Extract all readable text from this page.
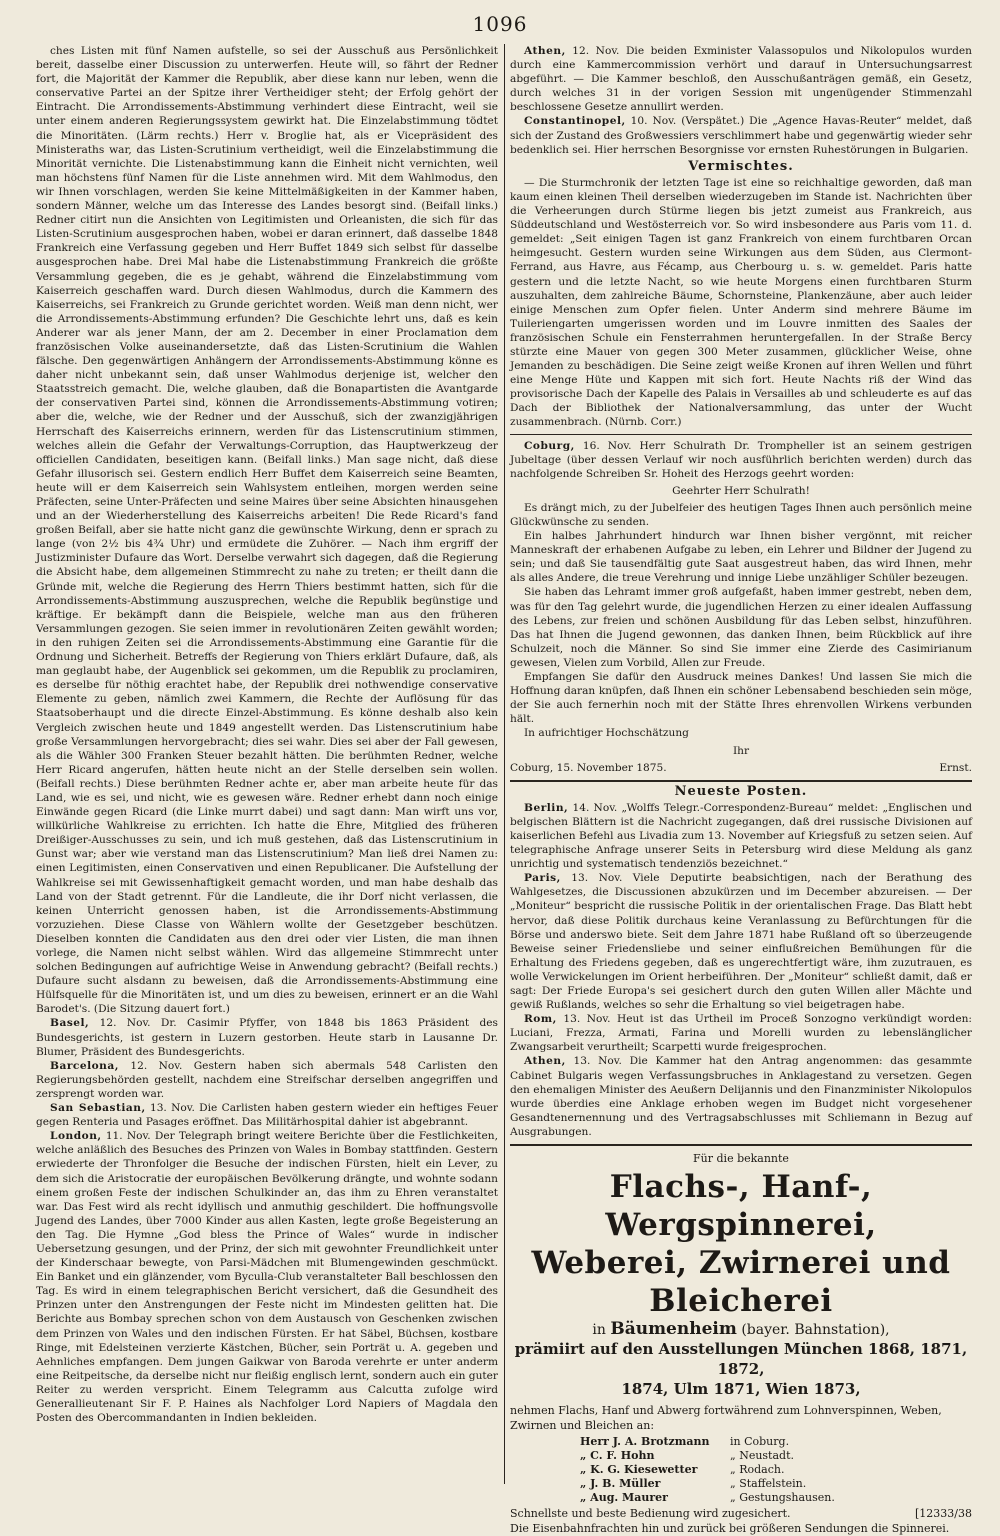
1096

ches Listen mit fünf Namen aufstelle, so sei der Ausschuß aus Persönlichkeit bereit, dasselbe einer Discussion zu unterwerfen. Heute will, so fährt der Redner fort, die Majorität der Kammer die Republik, aber diese kann nur leben, wenn die conservative Partei an der Spitze ihrer Vertheidiger steht; der Erfolg gehört der Eintracht. Die Arrondissements-Abstimmung verhindert diese Eintracht, weil sie unter einem anderen Regierungssystem gewirkt hat. Die Einzelabstimmung tödtet die Minoritäten. (Lärm rechts.) Herr v. Broglie hat, als er Vicepräsident des Ministeraths war, das Listen-Scrutinium vertheidigt, weil die Einzelabstimmung die Minorität vernichte. Die Listenabstimmung kann die Einheit nicht vernichten, weil man höchstens fünf Namen für die Liste annehmen wird. Mit dem Wahlmodus, den wir Ihnen vorschlagen, werden Sie keine Mittelmäßigkeiten in der Kammer haben, sondern Männer, welche um das Interesse des Landes besorgt sind. (Beifall links.) Redner citirt nun die Ansichten von Legitimisten und Orleanisten, die sich für das Listen-Scrutinium ausgesprochen haben, wobei er daran erinnert, daß dasselbe 1848 Frankreich eine Verfassung gegeben und Herr Buffet 1849 sich selbst für dasselbe ausgesprochen habe. Drei Mal habe die Listenabstimmung Frankreich die größte Versammlung gegeben, die es je gehabt, während die Einzelabstimmung vom Kaiserreich geschaffen ward. Durch diesen Wahlmodus, durch die Kammern des Kaiserreichs, sei Frankreich zu Grunde gerichtet worden. Weiß man denn nicht, wer die Arrondissements-Abstimmung erfunden? Die Geschichte lehrt uns, daß es kein Anderer war als jener Mann, der am 2. December in einer Proclamation dem französischen Volke auseinandersetzte, daß das Listen-Scrutinium die Wahlen fälsche. Den gegenwärtigen Anhängern der Arrondissements-Abstimmung könne es daher nicht unbekannt sein, daß unser Wahlmodus derjenige ist, welcher den Staatsstreich gemacht. Die, welche glauben, daß die Bonapartisten die Avantgarde der conservativen Partei sind, können die Arrondissements-Abstimmung votiren; aber die, welche, wie der Redner und der Ausschuß, sich der zwanzigjährigen Herrschaft des Kaiserreichs erinnern, werden für das Listenscrutinium stimmen, welches allein die Gefahr der Verwaltungs-Corruption, das Hauptwerkzeug der officiellen Candidaten, beseitigen kann. (Beifall links.) Man sage nicht, daß diese Gefahr illusorisch sei. Gestern endlich Herr Buffet dem Kaiserreich seine Beamten, heute will er dem Kaiserreich sein Wahlsystem entleihen, morgen werden seine Präfecten, seine Unter-Präfecten und seine Maires über seine Absichten hinausgehen und an der Wiederherstellung des Kaiserreichs arbeiten! Die Rede Ricard's fand großen Beifall, aber sie hatte nicht ganz die gewünschte Wirkung, denn er sprach zu lange (von 2½ bis 4¾ Uhr) und ermüdete die Zuhörer. — Nach ihm ergriff der Justizminister Dufaure das Wort. Derselbe verwahrt sich dagegen, daß die Regierung die Absicht habe, dem allgemeinen Stimmrecht zu nahe zu treten; er theilt dann die Gründe mit, welche die Regierung des Herrn Thiers bestimmt hatten, sich für die Arrondissements-Abstimmung auszusprechen, welche die Republik begünstige und kräftige. Er bekämpft dann die Beispiele, welche man aus den früheren Versammlungen gezogen. Sie seien immer in revolutionären Zeiten gewählt worden; in den ruhigen Zeiten sei die Arrondissements-Abstimmung eine Garantie für die Ordnung und Sicherheit. Betreffs der Regierung von Thiers erklärt Dufaure, daß, als man geglaubt habe, der Augenblick sei gekommen, um die Republik zu proclamiren, es derselbe für nöthig erachtet habe, der Republik drei nothwendige conservative Elemente zu geben, nämlich zwei Kammern, die Rechte der Auflösung für das Staatsoberhaupt und die directe Einzel-Abstimmung. Es könne deshalb also kein Vergleich zwischen heute und 1849 angestellt werden. Das Listenscrutinium habe große Versammlungen hervorgebracht; dies sei wahr. Dies sei aber der Fall gewesen, als die Wähler 300 Franken Steuer bezahlt hätten. Die berühmten Redner, welche Herr Ricard angerufen, hätten heute nicht an der Stelle derselben sein wollen. (Beifall rechts.) Diese berühmten Redner achte er, aber man arbeite heute für das Land, wie es sei, und nicht, wie es gewesen wäre. Redner erhebt dann noch einige Einwände gegen Ricard (die Linke murrt dabei) und sagt dann: Man wirft uns vor, willkürliche Wahlkreise zu errichten. Ich hatte die Ehre, Mitglied des früheren Dreißiger-Ausschusses zu sein, und ich muß gestehen, daß das Listenscrutinium in Gunst war; aber wie verstand man das Listenscrutinium? Man ließ drei Namen zu: einen Legitimisten, einen Conservativen und einen Republicaner. Die Aufstellung der Wahlkreise sei mit Gewissenhaftigkeit gemacht worden, und man habe deshalb das Land von der Stadt getrennt. Für die Landleute, die ihr Dorf nicht verlassen, die keinen Unterricht genossen haben, ist die Arrondissements-Abstimmung vorzuziehen. Diese Classe von Wählern wollte der Gesetzgeber beschützen. Dieselben konnten die Candidaten aus den drei oder vier Listen, die man ihnen vorlege, die Namen nicht selbst wählen. Wird das allgemeine Stimmrecht unter solchen Bedingungen auf aufrichtige Weise in Anwendung gebracht? (Beifall rechts.) Dufaure sucht alsdann zu beweisen, daß die Arrondissements-Abstimmung eine Hülfsquelle für die Minoritäten ist, und um dies zu beweisen, erinnert er an die Wahl Barodet's. (Die Sitzung dauert fort.)

Basel, 12. Nov. Dr. Casimir Pfyffer, von 1848 bis 1863 Präsident des Bundesgerichts, ist gestern in Luzern gestorben. Heute starb in Lausanne Dr. Blumer, Präsident des Bundesgerichts.

Barcelona, 12. Nov. Gestern haben sich abermals 548 Carlisten den Regierungsbehörden gestellt, nachdem eine Streifschar derselben angegriffen und zersprengt worden war.

San Sebastian, 13. Nov. Die Carlisten haben gestern wieder ein heftiges Feuer gegen Renteria und Pasages eröffnet. Das Militärhospital dahier ist abgebrannt.

London, 11. Nov. Der Telegraph bringt weitere Berichte über die Festlichkeiten, welche anläßlich des Besuches des Prinzen von Wales in Bombay stattfinden. Gestern erwiederte der Thronfolger die Besuche der indischen Fürsten, hielt ein Lever, zu dem sich die Aristocratie der europäischen Bevölkerung drängte, und wohnte sodann einem großen Feste der indischen Schulkinder an, das ihm zu Ehren veranstaltet war. Das Fest wird als recht idyllisch und anmuthig geschildert. Die hoffnungsvolle Jugend des Landes, über 7000 Kinder aus allen Kasten, legte große Begeisterung an den Tag. Die Hymne „God bless the Prince of Wales“ wurde in indischer Uebersetzung gesungen, und der Prinz, der sich mit gewohnter Freundlichkeit unter der Kinderschaar bewegte, von Parsi-Mädchen mit Blumengewinden geschmückt. Ein Banket und ein glänzender, vom Byculla-Club veranstalteter Ball beschlossen den Tag. Es wird in einem telegraphischen Bericht versichert, daß die Gesundheit des Prinzen unter den Anstrengungen der Feste nicht im Mindesten gelitten hat. Die Berichte aus Bombay sprechen schon von dem Austausch von Geschenken zwischen dem Prinzen von Wales und den indischen Fürsten. Er hat Säbel, Büchsen, kostbare Ringe, mit Edelsteinen verzierte Kästchen, Bücher, sein Porträt u. A. gegeben und Aehnliches empfangen. Dem jungen Gaikwar von Baroda verehrte er unter anderm eine Reitpeitsche, da derselbe nicht nur fleißig englisch lernt, sondern auch ein guter Reiter zu werden verspricht. Einem Telegramm aus Calcutta zufolge wird Generallieutenant Sir F. P. Haines als Nachfolger Lord Napiers of Magdala den Posten des Obercommandanten in Indien bekleiden.

Athen, 12. Nov. Die beiden Exminister Valassopulos und Nikolopulos wurden durch eine Kammercommission verhört und darauf in Untersuchungsarrest abgeführt. — Die Kammer beschloß, den Ausschußanträgen gemäß, ein Gesetz, durch welches 31 in der vorigen Session mit ungenügender Stimmenzahl beschlossene Gesetze annullirt werden.

Constantinopel, 10. Nov. (Verspätet.) Die „Agence Havas-Reuter“ meldet, daß sich der Zustand des Großwessiers verschlimmert habe und gegenwärtig wieder sehr bedenklich sei. Hier herrschen Besorgnisse vor ernsten Ruhestörungen in Bulgarien.

Vermischtes.

— Die Sturmchronik der letzten Tage ist eine so reichhaltige geworden, daß man kaum einen kleinen Theil derselben wiederzugeben im Stande ist. Nachrichten über die Verheerungen durch Stürme liegen bis jetzt zumeist aus Frankreich, aus Süddeutschland und Westösterreich vor. So wird insbesondere aus Paris vom 11. d. gemeldet: „Seit einigen Tagen ist ganz Frankreich von einem furchtbaren Orcan heimgesucht. Gestern wurden seine Wirkungen aus dem Süden, aus Clermont-Ferrand, aus Havre, aus Fécamp, aus Cherbourg u. s. w. gemeldet. Paris hatte gestern und die letzte Nacht, so wie heute Morgens einen furchtbaren Sturm auszuhalten, dem zahlreiche Bäume, Schornsteine, Plankenzäune, aber auch leider einige Menschen zum Opfer fielen. Unter Anderm sind mehrere Bäume im Tuileriengarten umgerissen worden und im Louvre inmitten des Saales der französischen Schule ein Fensterrahmen heruntergefallen. In der Straße Bercy stürzte eine Mauer von gegen 300 Meter zusammen, glücklicher Weise, ohne Jemanden zu beschädigen. Die Seine zeigt weiße Kronen auf ihren Wellen und führt eine Menge Hüte und Kappen mit sich fort. Heute Nachts riß der Wind das provisorische Dach der Kapelle des Palais in Versailles ab und schleuderte es auf das Dach der Bibliothek der Nationalversammlung, das unter der Wucht zusammenbrach. (Nürnb. Corr.)

Coburg, 16. Nov. Herr Schulrath Dr. Trompheller ist an seinem gestrigen Jubeltage (über dessen Verlauf wir noch ausführlich berichten werden) durch das nachfolgende Schreiben Sr. Hoheit des Herzogs geehrt worden:

Geehrter Herr Schulrath!

Es drängt mich, zu der Jubelfeier des heutigen Tages Ihnen auch persönlich meine Glückwünsche zu senden.

Ein halbes Jahrhundert hindurch war Ihnen bisher vergönnt, mit reicher Manneskraft der erhabenen Aufgabe zu leben, ein Lehrer und Bildner der Jugend zu sein; und daß Sie tausendfältig gute Saat ausgestreut haben, das wird Ihnen, mehr als alles Andere, die treue Verehrung und innige Liebe unzähliger Schüler bezeugen.

Sie haben das Lehramt immer groß aufgefaßt, haben immer gestrebt, neben dem, was für den Tag gelehrt wurde, die jugendlichen Herzen zu einer idealen Auffassung des Lebens, zur freien und schönen Ausbildung für das Leben selbst, hinzuführen. Das hat Ihnen die Jugend gewonnen, das danken Ihnen, beim Rückblick auf ihre Schulzeit, noch die Männer. So sind Sie immer eine Zierde des Casimirianum gewesen, Vielen zum Vorbild, Allen zur Freude.

Empfangen Sie dafür den Ausdruck meines Dankes! Und lassen Sie mich die Hoffnung daran knüpfen, daß Ihnen ein schöner Lebensabend beschieden sein möge, der Sie auch fernerhin noch mit der Stätte Ihres ehrenvollen Wirkens verbunden hält.

In aufrichtiger Hochschätzung

Ihr

Coburg, 15. November 1875.	Ernst.
Neueste Posten.

Berlin, 14. Nov. „Wolffs Telegr.-Correspondenz-Bureau“ meldet: „Englischen und belgischen Blättern ist die Nachricht zugegangen, daß drei russische Divisionen auf kaiserlichen Befehl aus Livadia zum 13. November auf Kriegsfuß zu setzen seien. Auf telegraphische Anfrage unserer Seits in Petersburg wird diese Meldung als ganz unrichtig und systematisch tendenziös bezeichnet.“

Paris, 13. Nov. Viele Deputirte beabsichtigen, nach der Berathung des Wahlgesetzes, die Discussionen abzukürzen und im December abzureisen. — Der „Moniteur“ bespricht die russische Politik in der orientalischen Frage. Das Blatt hebt hervor, daß diese Politik durchaus keine Veranlassung zu Befürchtungen für die Börse und anderswo biete. Seit dem Jahre 1871 habe Rußland oft so überzeugende Beweise seiner Friedensliebe und seiner einflußreichen Bemühungen für die Erhaltung des Friedens gegeben, daß es ungerechtfertigt wäre, ihm zuzutrauen, es wolle Verwickelungen im Orient herbeiführen. Der „Moniteur“ schließt damit, daß er sagt: Der Friede Europa's sei gesichert durch den guten Willen aller Mächte und gewiß Rußlands, welches so sehr die Erhaltung so viel beigetragen habe.

Rom, 13. Nov. Heut ist das Urtheil im Proceß Sonzogno verkündigt worden: Luciani, Frezza, Armati, Farina und Morelli wurden zu lebenslänglicher Zwangsarbeit verurtheilt; Scarpetti wurde freigesprochen.

Athen, 13. Nov. Die Kammer hat den Antrag angenommen: das gesammte Cabinet Bulgaris wegen Verfassungsbruches in Anklagestand zu versetzen. Gegen den ehemaligen Minister des Aeußern Delijannis und den Finanzminister Nikolopulos wurde überdies eine Anklage erhoben wegen im Budget nicht vorgesehener Gesandtenernennung und des Vertragsabschlusses mit Schliemann in Bezug auf Ausgrabungen.

Für die bekannte
Flachs-, Hanf-, Wergspinnerei,
Weberei, Zwirnerei und Bleicherei
in Bäumenheim (bayer. Bahnstation),
prämiirt auf den Ausstellungen München 1868, 1871, 1872,
1874, Ulm 1871, Wien 1873,
nehmen Flachs, Hanf und Abwerg fortwährend zum Lohnverspinnen, Weben, Zwirnen und Bleichen an:
Herr J. A. Brotzmann	in Coburg.
„ C. F. Hohn	„ Neustadt.
„ K. G. Kiesewetter	„ Rodach.
„ J. B. Müller	„ Staffelstein.
„ Aug. Maurer	„ Gestungshausen.
Schnellste und beste Bedienung wird zugesichert.	[12333/38
Die Eisenbahnfrachten hin und zurück bei größeren Sendungen die Spinnerei.
